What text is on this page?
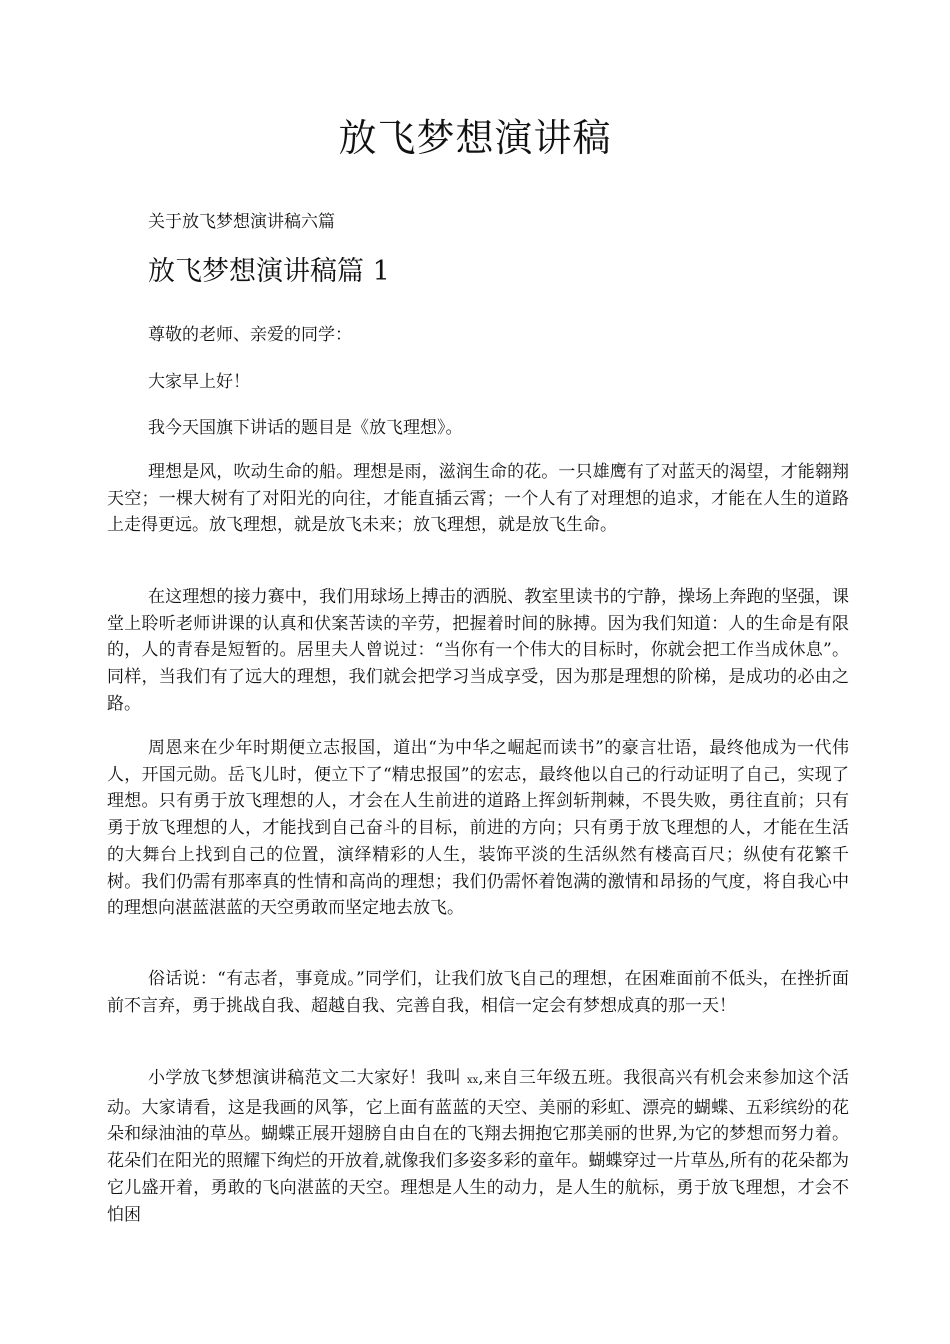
放飞梦想演讲稿

关于放飞梦想演讲稿六篇

放飞梦想演讲稿篇 1

尊敬的老师、亲爱的同学：

大家早上好！

我今天国旗下讲话的题目是《放飞理想》。

理想是风，吹动生命的船。理想是雨，滋润生命的花。一只雄鹰有了对蓝天的渴望，才能翱翔天空；一棵大树有了对阳光的向往，才能直插云霄；一个人有了对理想的追求，才能在人生的道路上走得更远。放飞理想，就是放飞未来；放飞理想，就是放飞生命。

在这理想的接力赛中，我们用球场上搏击的洒脱、教室里读书的宁静，操场上奔跑的坚强，课堂上聆听老师讲课的认真和伏案苦读的辛劳，把握着时间的脉搏。因为我们知道：人的生命是有限的，人的青春是短暂的。居里夫人曾说过：“当你有一个伟大的目标时，你就会把工作当成休息”。同样，当我们有了远大的理想，我们就会把学习当成享受，因为那是理想的阶梯，是成功的必由之路。

周恩来在少年时期便立志报国，道出“为中华之崛起而读书”的豪言壮语，最终他成为一代伟人，开国元勋。岳飞儿时，便立下了“精忠报国”的宏志，最终他以自己的行动证明了自己，实现了理想。只有勇于放飞理想的人，才会在人生前进的道路上挥剑斩荆棘，不畏失败，勇往直前；只有勇于放飞理想的人，才能找到自己奋斗的目标，前进的方向；只有勇于放飞理想的人，才能在生活的大舞台上找到自己的位置，演绎精彩的人生，装饰平淡的生活纵然有楼高百尺；纵使有花繁千树。我们仍需有那率真的性情和高尚的理想；我们仍需怀着饱满的激情和昂扬的气度，将自我心中的理想向湛蓝湛蓝的天空勇敢而坚定地去放飞。

俗话说：“有志者，事竟成。”同学们，让我们放飞自己的理想，在困难面前不低头，在挫折面前不言弃，勇于挑战自我、超越自我、完善自我，相信一定会有梦想成真的那一天！

小学放飞梦想演讲稿范文二大家好！我叫 xx,来自三年级五班。我很高兴有机会来参加这个活动。大家请看，这是我画的风筝，它上面有蓝蓝的天空、美丽的彩虹、漂亮的蝴蝶、五彩缤纷的花朵和绿油油的草丛。蝴蝶正展开翅膀自由自在的飞翔去拥抱它那美丽的世界,为它的梦想而努力着。花朵们在阳光的照耀下绚烂的开放着,就像我们多姿多彩的童年。蝴蝶穿过一片草丛,所有的花朵都为它儿盛开着，勇敢的飞向湛蓝的天空。理想是人生的动力，是人生的航标，勇于放飞理想，才会不怕困
